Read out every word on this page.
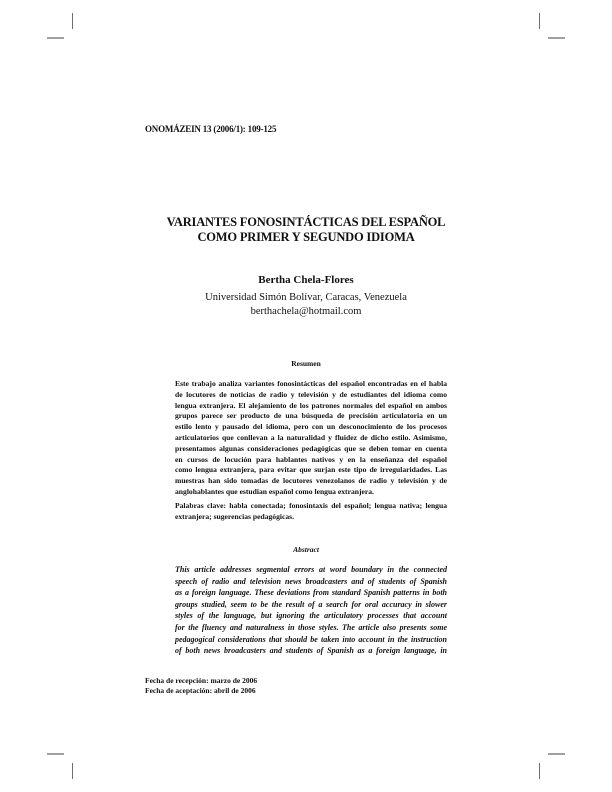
ONOMÁZEIN 13 (2006/1): 109-125
VARIANTES FONOSINTÁCTICAS DEL ESPAÑOL
COMO PRIMER Y SEGUNDO IDIOMA
Bertha Chela-Flores
Universidad Simón Bolívar, Caracas, Venezuela
berthachela@hotmail.com
Resumen
Este trabajo analiza variantes fonosintácticas del español encontradas en el habla
de locutores de noticias de radio y televisión y de estudiantes del idioma como
lengua extranjera. El alejamiento de los patrones normales del español en ambos
grupos parece ser producto de una búsqueda de precisión articulatoria en un
estilo lento y pausado del idioma, pero con un desconocimiento de los procesos
articulatorios que conllevan a la naturalidad y fluidez de dicho estilo. Asimismo,
presentamos algunas consideraciones pedagógicas que se deben tomar en cuenta
en cursos de locución para hablantes nativos y en la enseñanza del español
como lengua extranjera, para evitar que surjan este tipo de irregularidades. Las
muestras han sido tomadas de locutores venezolanos de radio y televisión y de
anglohablantes que estudian español como lengua extranjera.
Palabras clave: habla conectada; fonosintaxis del español; lengua nativa; lengua
extranjera; sugerencias pedagógicas.
Abstract
This article addresses segmental errors at word boundary in the connected
speech of radio and television news broadcasters and of students of Spanish
as a foreign language. These deviations from standard Spanish patterns in both
groups studied, seem to be the result of a search for oral accuracy in slower
styles of the language, but ignoring the articulatory processes that account
for the fluency and naturalness in those styles. The article also presents some
pedagogical considerations that should be taken into account in the instruction
of both news broadcasters and students of Spanish as a foreign language, in
Fecha de recepción: marzo de 2006
Fecha de aceptación: abril de 2006
